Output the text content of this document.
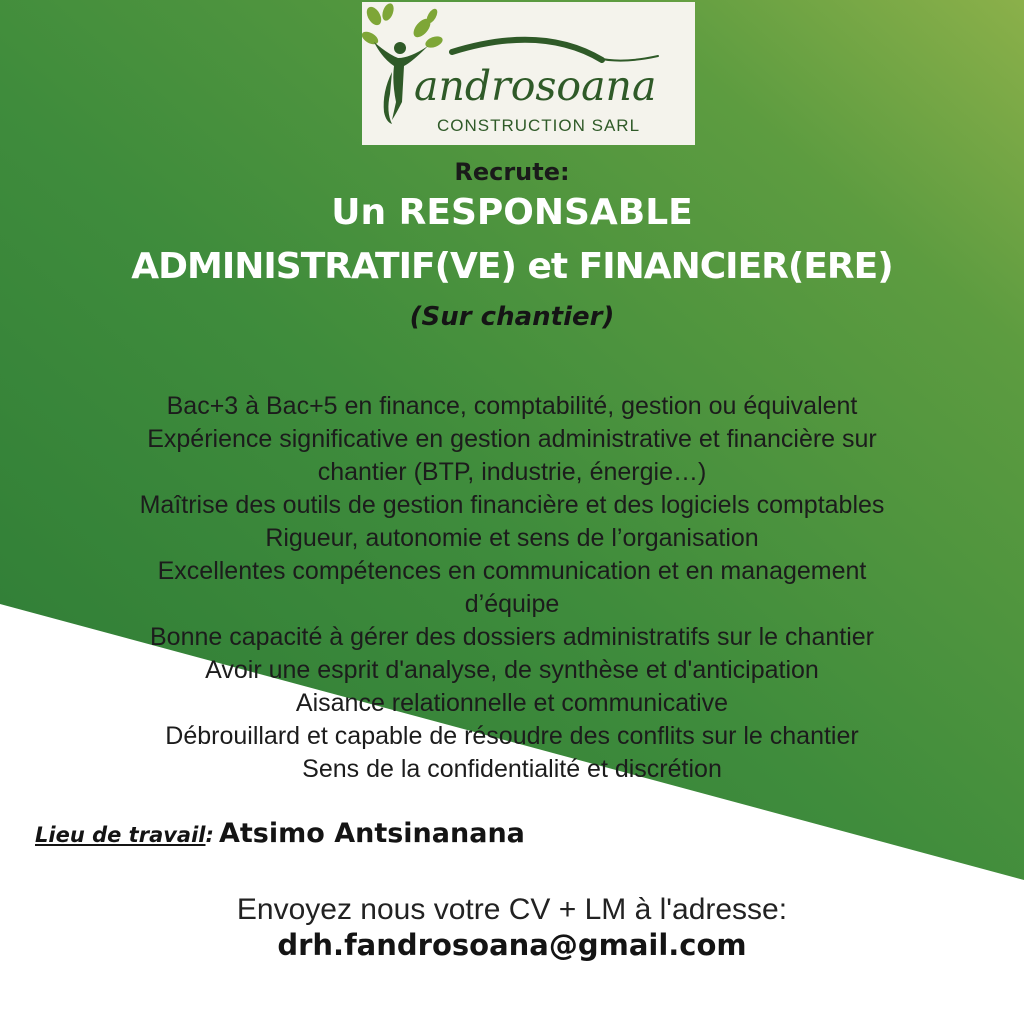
androsoana
CONSTRUCTION SARL
Recrute:
Un RESPONSABLE
ADMINISTRATIF(VE) et FINANCIER(ERE)
(Sur chantier)
Bac+3 à Bac+5 en finance, comptabilité, gestion ou équivalent
Expérience significative en gestion administrative et financière sur
chantier (BTP, industrie, énergie…)
Maîtrise des outils de gestion financière et des logiciels comptables
Rigueur, autonomie et sens de l’organisation
Excellentes compétences en communication et en management
d’équipe
Bonne capacité à gérer des dossiers administratifs sur le chantier
Avoir une esprit d'analyse, de synthèse et d'anticipation
Aisance relationnelle et communicative
Débrouillard et capable de résoudre des conflits sur le chantier
Sens de la confidentialité et discrétion
Lieu de travail: Atsimo Antsinanana
Envoyez nous votre CV + LM à l'adresse:
drh.fandrosoana@gmail.com
